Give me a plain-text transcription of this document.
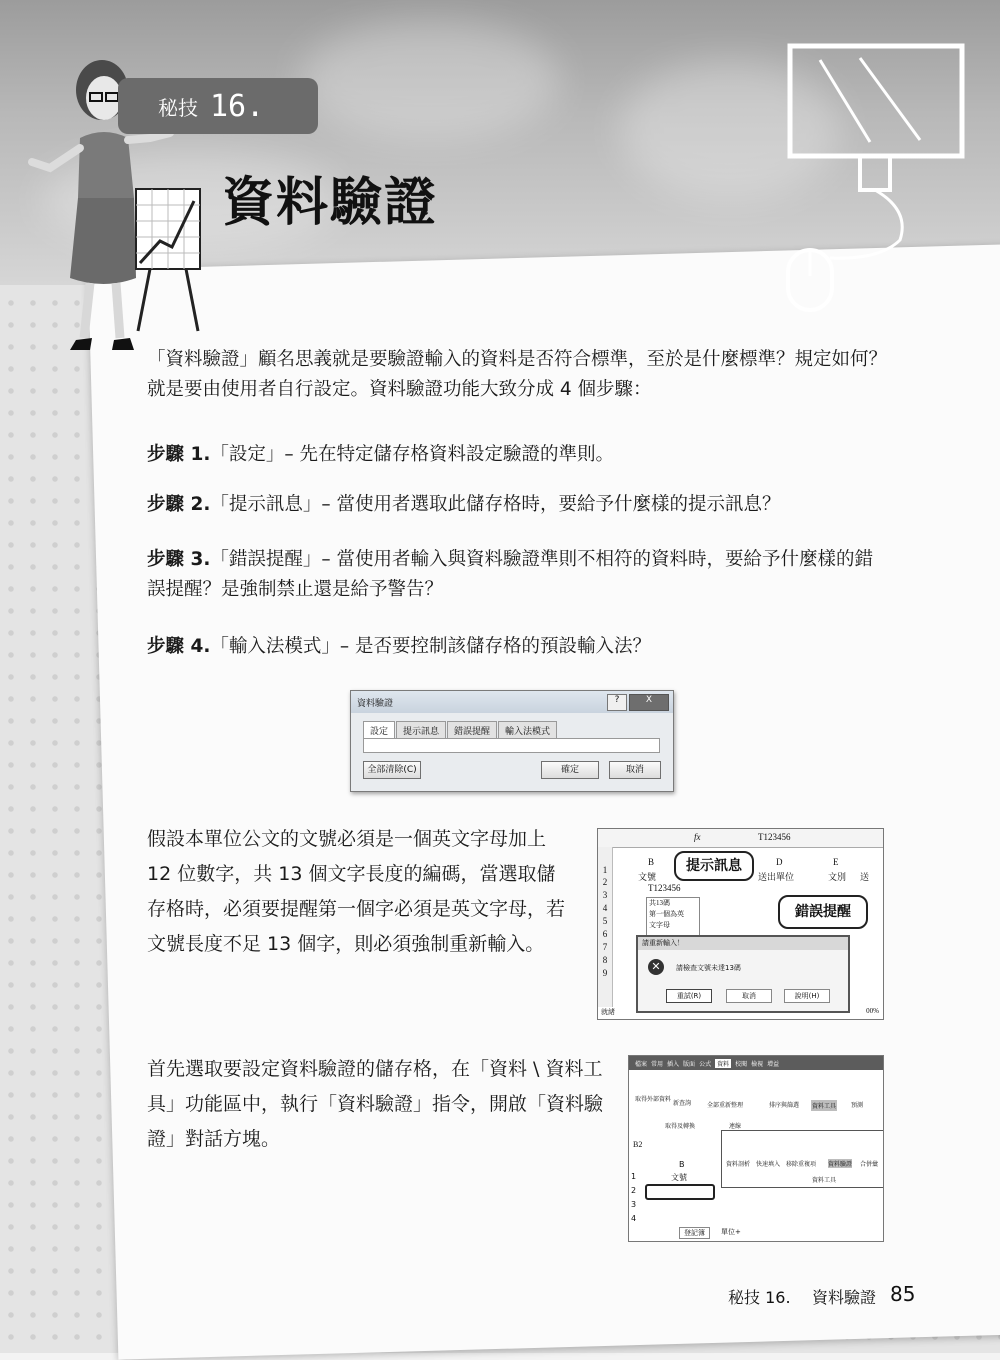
秘技 16.
資料驗證

「資料驗證」顧名思義就是要驗證輸入的資料是否符合標準，至於是什麼標準？規定如何？就是要由使用者自行設定。資料驗證功能大致分成 4 個步驟：

步驟 1.「設定」– 先在特定儲存格資料設定驗證的準則。
步驟 2.「提示訊息」– 當使用者選取此儲存格時，要給予什麼樣的提示訊息？
步驟 3.「錯誤提醒」– 當使用者輸入與資料驗證準則不相符的資料時，要給予什麼樣的錯誤提醒？是強制禁止還是給予警告？
步驟 4.「輸入法模式」– 是否要控制該儲存格的預設輸入法？
資料驗證	?	X
設定	提示訊息	錯誤提醒	輸入法模式
全部清除(C)	確定	取消

假設本單位公文的文號必須是一個英文字母加上 12 位數字，共 13 個文字長度的編碼，當選取儲存格時，必須要提醒第一個字必須是英文字母，若文號長度不足 13 個字，則必須強制重新輸入。

fx	T123456
1
2
3
4
5
6
7
8
9
B	D	E
文號	送出單位	文別 送
T123456
共13碼
第一個為英
文字母
提示訊息
錯誤提醒
請重新輸入！
✕	請檢查文號未達13碼
重試(R)	取消	說明(H)
就緒	00%

首先選取要設定資料驗證的儲存格，在「資料 \ 資料工具」功能區中，執行「資料驗證」指令，開啟「資料驗證」對話方塊。

檔案 常用 插入 版面 公式	資料	校閱 檢視 增益
取得外部資料
新查詢	全部重新整理	排序與篩選 資料工具 預測
取得及轉換	連線
B2
資料剖析 快速填入 移除重複項 資料驗證 合併彙
資料工具
B
文號
1
2
3
4
登記簿	單位+
秘技 16. 資料驗證 85
